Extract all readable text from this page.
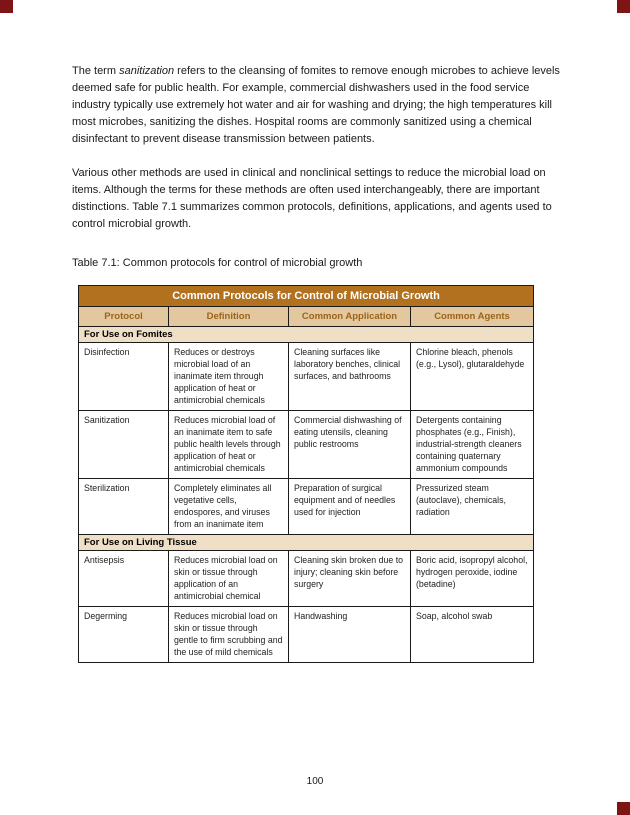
The term sanitization refers to the cleansing of fomites to remove enough microbes to achieve levels deemed safe for public health. For example, commercial dishwashers used in the food service industry typically use extremely hot water and air for washing and drying; the high temperatures kill most microbes, sanitizing the dishes. Hospital rooms are commonly sanitized using a chemical disinfectant to prevent disease transmission between patients.

Various other methods are used in clinical and nonclinical settings to reduce the microbial load on items. Although the terms for these methods are often used interchangeably, there are important distinctions. Table 7.1 summarizes common protocols, definitions, applications, and agents used to control microbial growth.

Table 7.1: Common protocols for control of microbial growth

Common Protocols for Control of Microbial Growth			
Protocol	Definition	Common Application	Common Agents
For Use on Fomites			
Disinfection	Reduces or destroys microbial load of an inanimate item through application of heat or antimicrobial chemicals	Cleaning surfaces like laboratory benches, clinical surfaces, and bathrooms	Chlorine bleach, phenols (e.g., Lysol), glutaraldehyde
Sanitization	Reduces microbial load of an inanimate item to safe public health levels through application of heat or antimicrobial chemicals	Commercial dishwashing of eating utensils, cleaning public restrooms	Detergents containing phosphates (e.g., Finish), industrial-strength cleaners containing quaternary ammonium compounds
Sterilization	Completely eliminates all vegetative cells, endospores, and viruses from an inanimate item	Preparation of surgical equipment and of needles used for injection	Pressurized steam (autoclave), chemicals, radiation
For Use on Living Tissue			
Antisepsis	Reduces microbial load on skin or tissue through application of an antimicrobial chemical	Cleaning skin broken due to injury; cleaning skin before surgery	Boric acid, isopropyl alcohol, hydrogen peroxide, iodine (betadine)
Degerming	Reduces microbial load on skin or tissue through gentle to firm scrubbing and the use of mild chemicals	Handwashing	Soap, alcohol swab
100
